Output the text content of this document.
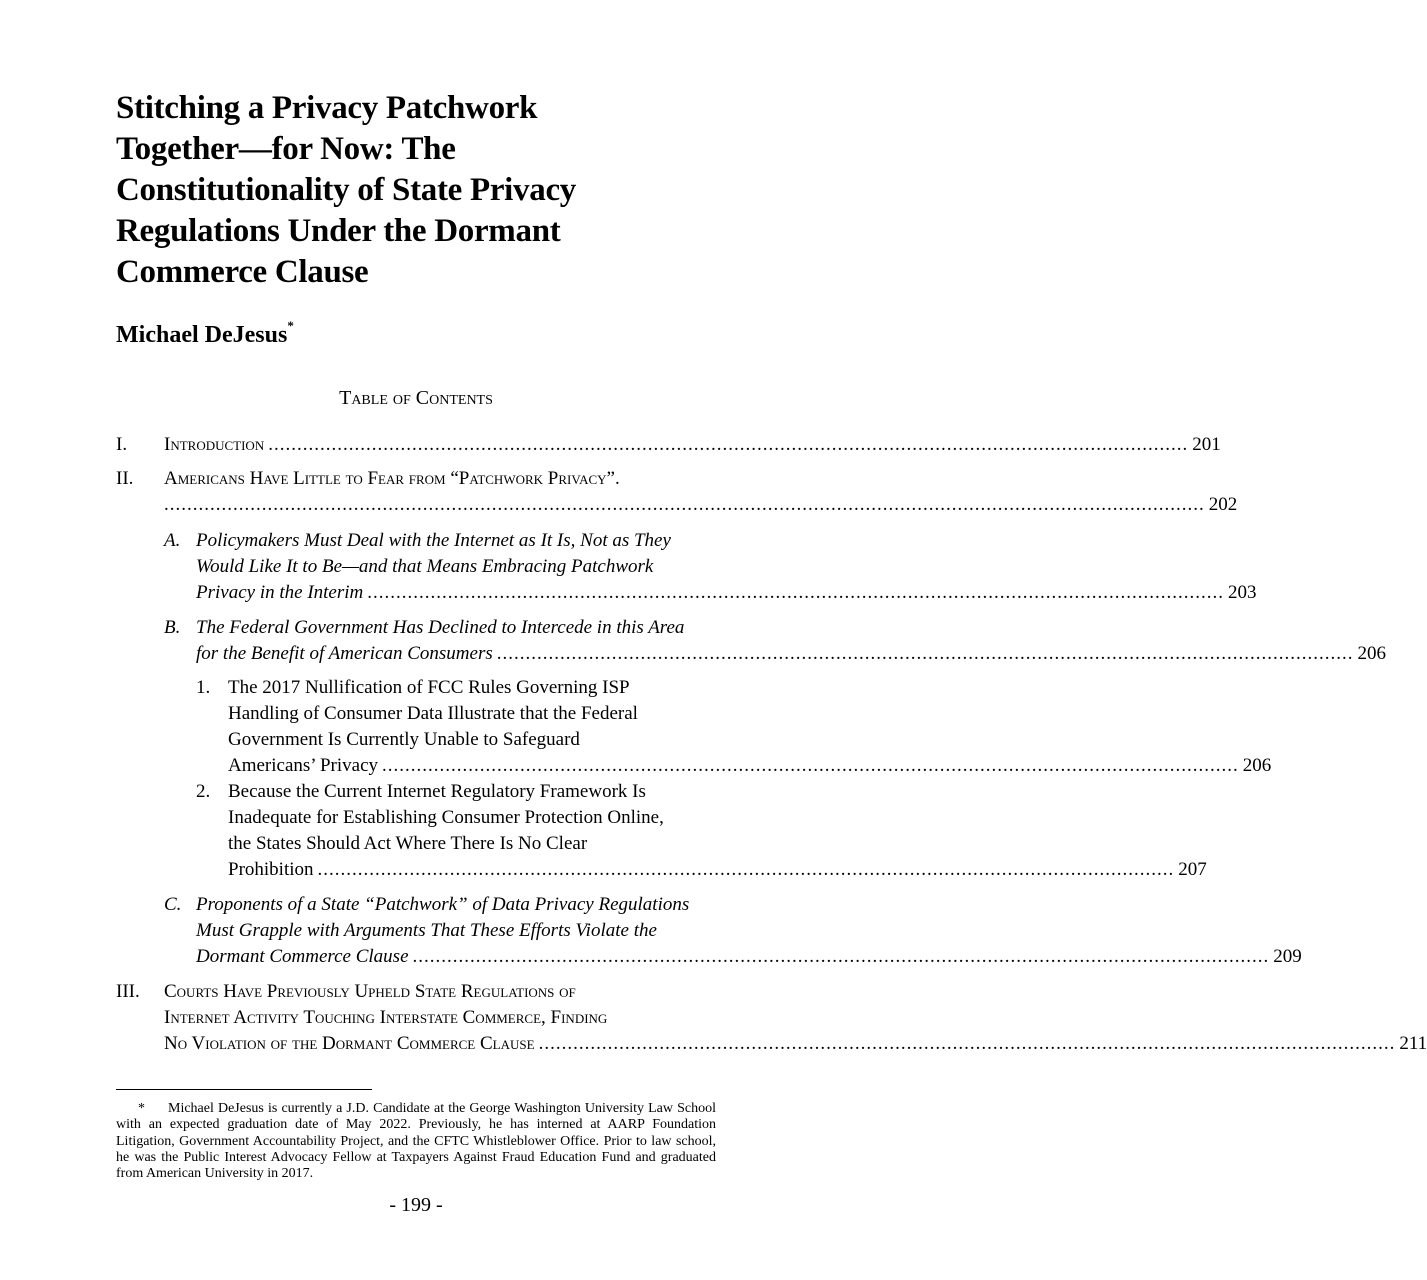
Stitching a Privacy Patchwork
Together—for Now: The
Constitutionality of State Privacy
Regulations Under the Dormant
Commerce Clause
Michael DeJesus*
Table of Contents
I. Introduction ................................................................................................................................................................ 201
II. Americans Have Little to Fear from “Patchwork Privacy”.
..................................................................................................................................................................................... 202
A. Policymakers Must Deal with the Internet as It Is, Not as They
Would Like It to Be—and that Means Embracing Patchwork
Privacy in the Interim ..................................................................................................................................................... 203
B. The Federal Government Has Declined to Intercede in this Area
for the Benefit of American Consumers ..................................................................................................................................................... 206
1. The 2017 Nullification of FCC Rules Governing ISP
Handling of Consumer Data Illustrate that the Federal
Government Is Currently Unable to Safeguard
Americans’ Privacy ..................................................................................................................................................... 206
2. Because the Current Internet Regulatory Framework Is
Inadequate for Establishing Consumer Protection Online,
the States Should Act Where There Is No Clear
Prohibition ..................................................................................................................................................... 207
C. Proponents of a State “Patchwork” of Data Privacy Regulations
Must Grapple with Arguments That These Efforts Violate the
Dormant Commerce Clause ..................................................................................................................................................... 209
III. Courts Have Previously Upheld State Regulations of
Internet Activity Touching Interstate Commerce, Finding
No Violation of the Dormant Commerce Clause ..................................................................................................................................................... 211
* Michael DeJesus is currently a J.D. Candidate at the George Washington University Law School with an expected graduation date of May 2022. Previously, he has interned at AARP Foundation Litigation, Government Accountability Project, and the CFTC Whistleblower Office. Prior to law school, he was the Public Interest Advocacy Fellow at Taxpayers Against Fraud Education Fund and graduated from American University in 2017.
- 199 -
